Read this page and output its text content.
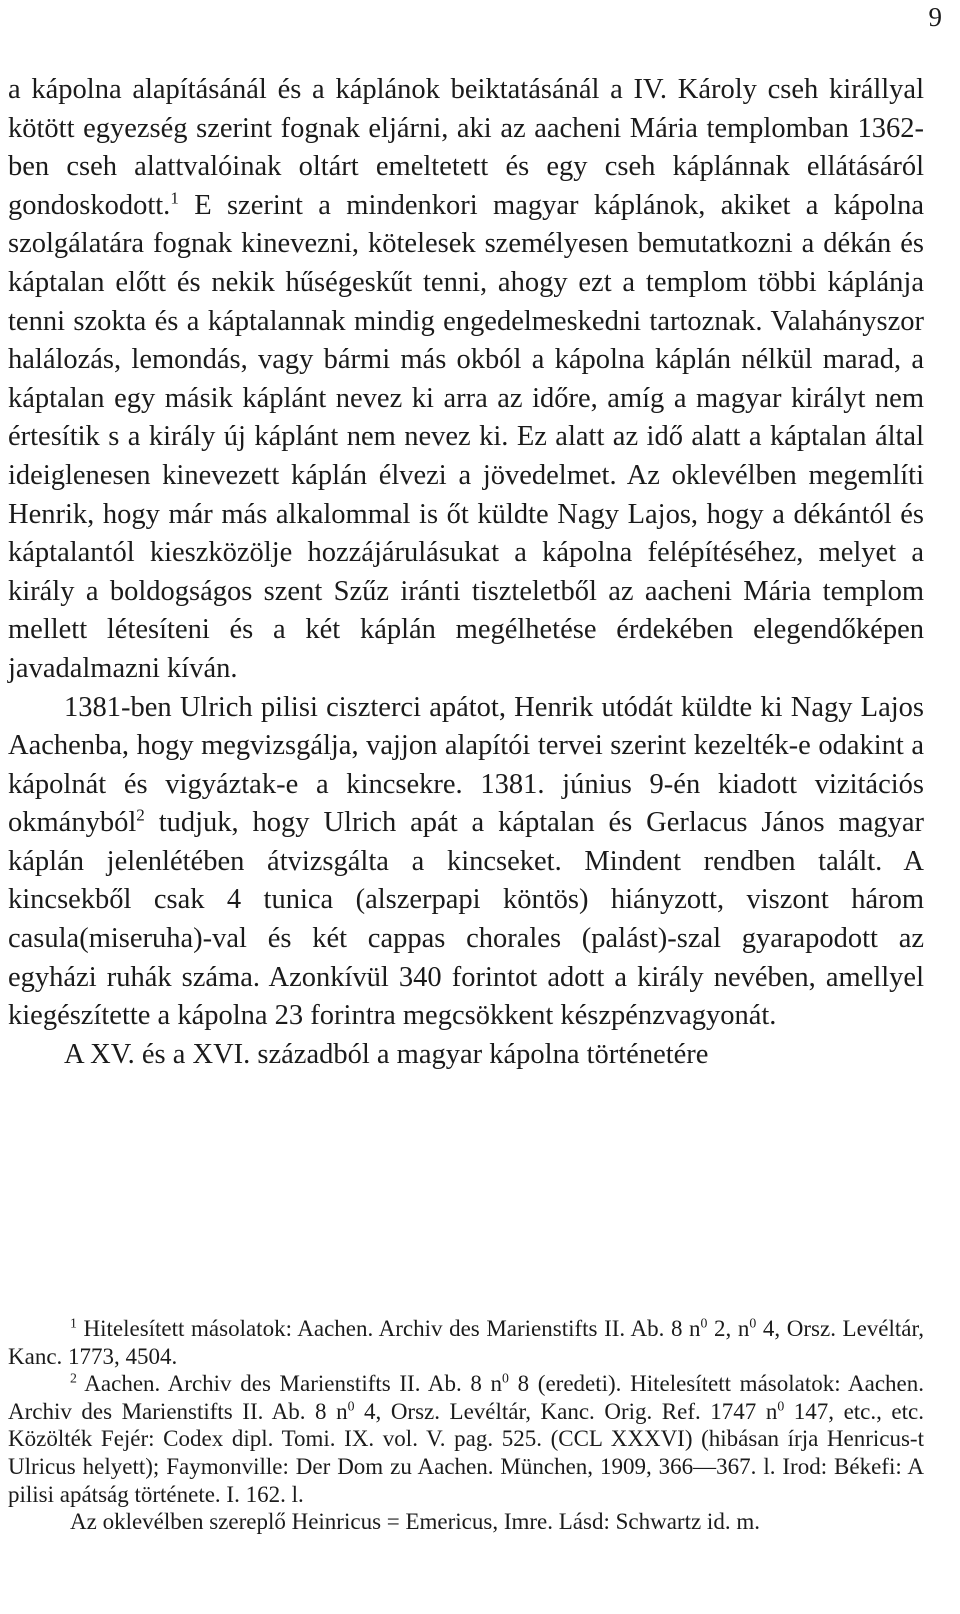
9

a kápolna alapításánál és a káplánok beiktatásánál a IV. Károly cseh királlyal kötött egyezség szerint fognak eljárni, aki az aacheni Mária templomban 1362-ben cseh alattvalóinak oltárt emeltetett és egy cseh káplánnak ellátásáról gondoskodott.$^1$ E szerint a mindenkori magyar káplánok, akiket a kápolna szolgálatára fognak kinevezni, kötelesek személyesen bemutatkozni a dékán és káptalan előtt és nekik hűségeskűt tenni, ahogy ezt a templom többi káplánja tenni szokta és a káptalannak mindig engedelmeskedni tartoznak. Valahányszor halálozás, lemondás, vagy bármi más okból a kápolna káplán nélkül marad, a káptalan egy másik káplánt nevez ki arra az időre, amíg a magyar királyt nem értesítik s a király új káplánt nem nevez ki. Ez alatt az idő alatt a káptalan által ideiglenesen kinevezett káplán élvezi a jövedelmet. Az oklevélben megemlíti Henrik, hogy már más alkalommal is őt küldte Nagy Lajos, hogy a dékántól és káptalantól kieszközölje hozzájárulásukat a kápolna felépítéséhez, melyet a király a boldogságos szent Szűz iránti tiszteletből az aacheni Mária templom mellett létesíteni és a két káplán megélhetése érdekében elegendőképen javadalmazni kíván.

1381-ben Ulrich pilisi ciszterci apátot, Henrik utódát küldte ki Nagy Lajos Aachenba, hogy megvizsgálja, vajjon alapítói tervei szerint kezelték-e odakint a kápolnát és vigyáztak-e a kincsekre. 1381. június 9-én kiadott vizitációs okmányból$^2$ tudjuk, hogy Ulrich apát a káptalan és Gerlacus János magyar káplán jelenlétében átvizsgálta a kincseket. Mindent rendben talált. A kincsekből csak 4 tunica (alszerpapi köntös) hiányzott, viszont három casula(miseruha)-val és két cappas chorales (palást)-szal gyarapodott az egyházi ruhák száma. Azonkívül 340 forintot adott a király nevében, amellyel kiegészítette a kápolna 23 forintra megcsökkent készpénzvagyonát.

A XV. és a XVI. századból a magyar kápolna történetére

$^1$ Hitelesített másolatok: Aachen. Archiv des Marienstifts II. Ab. 8 $n^0$ 2, $n^0$ 4, Orsz. Levéltár, Kanc. 1773, 4504.

$^2$ Aachen. Archiv des Marienstifts II. Ab. 8 $n^0$ 8 (eredeti). Hitelesített másolatok: Aachen. Archiv des Marienstifts II. Ab. 8 $n^0$ 4, Orsz. Levéltár, Kanc. Orig. Ref. 1747 $n^0$ 147, etc., etc. Közölték Fejér: Codex dipl. Tomi. IX. vol. V. pag. 525. (CCL XXXVI) (hibásan írja Henricus-t Ulricus helyett); Faymonville: Der Dom zu Aachen. München, 1909, 366—367. l. Irod: Békefi: A pilisi apátság története. I. 162. l.

Az oklevélben szereplő Heinricus = Emericus, Imre. Lásd: Schwartz id. m.
